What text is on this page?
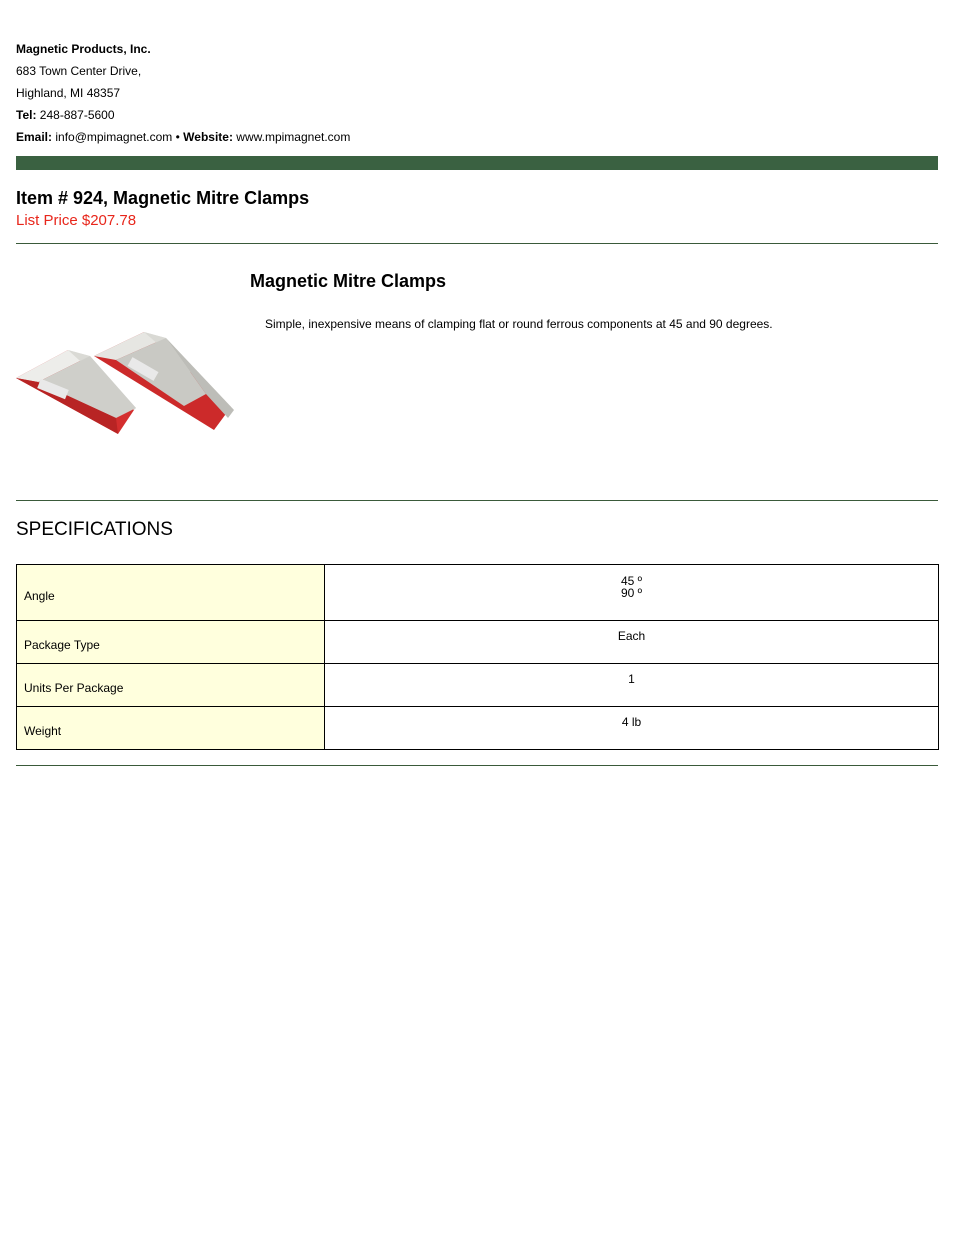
Magnetic Products, Inc.
683 Town Center Drive,
Highland, MI 48357
Tel: 248-887-5600
Email: info@mpimagnet.com • Website: www.mpimagnet.com
Item # 924, Magnetic Mitre Clamps
List Price $207.78
Magnetic Mitre Clamps
Simple, inexpensive means of clamping flat or round ferrous components at 45 and 90 degrees.
SPECIFICATIONS
Angle	45 º
90 º

Package Type	Each

Units Per Package	1

Weight	4 lb
